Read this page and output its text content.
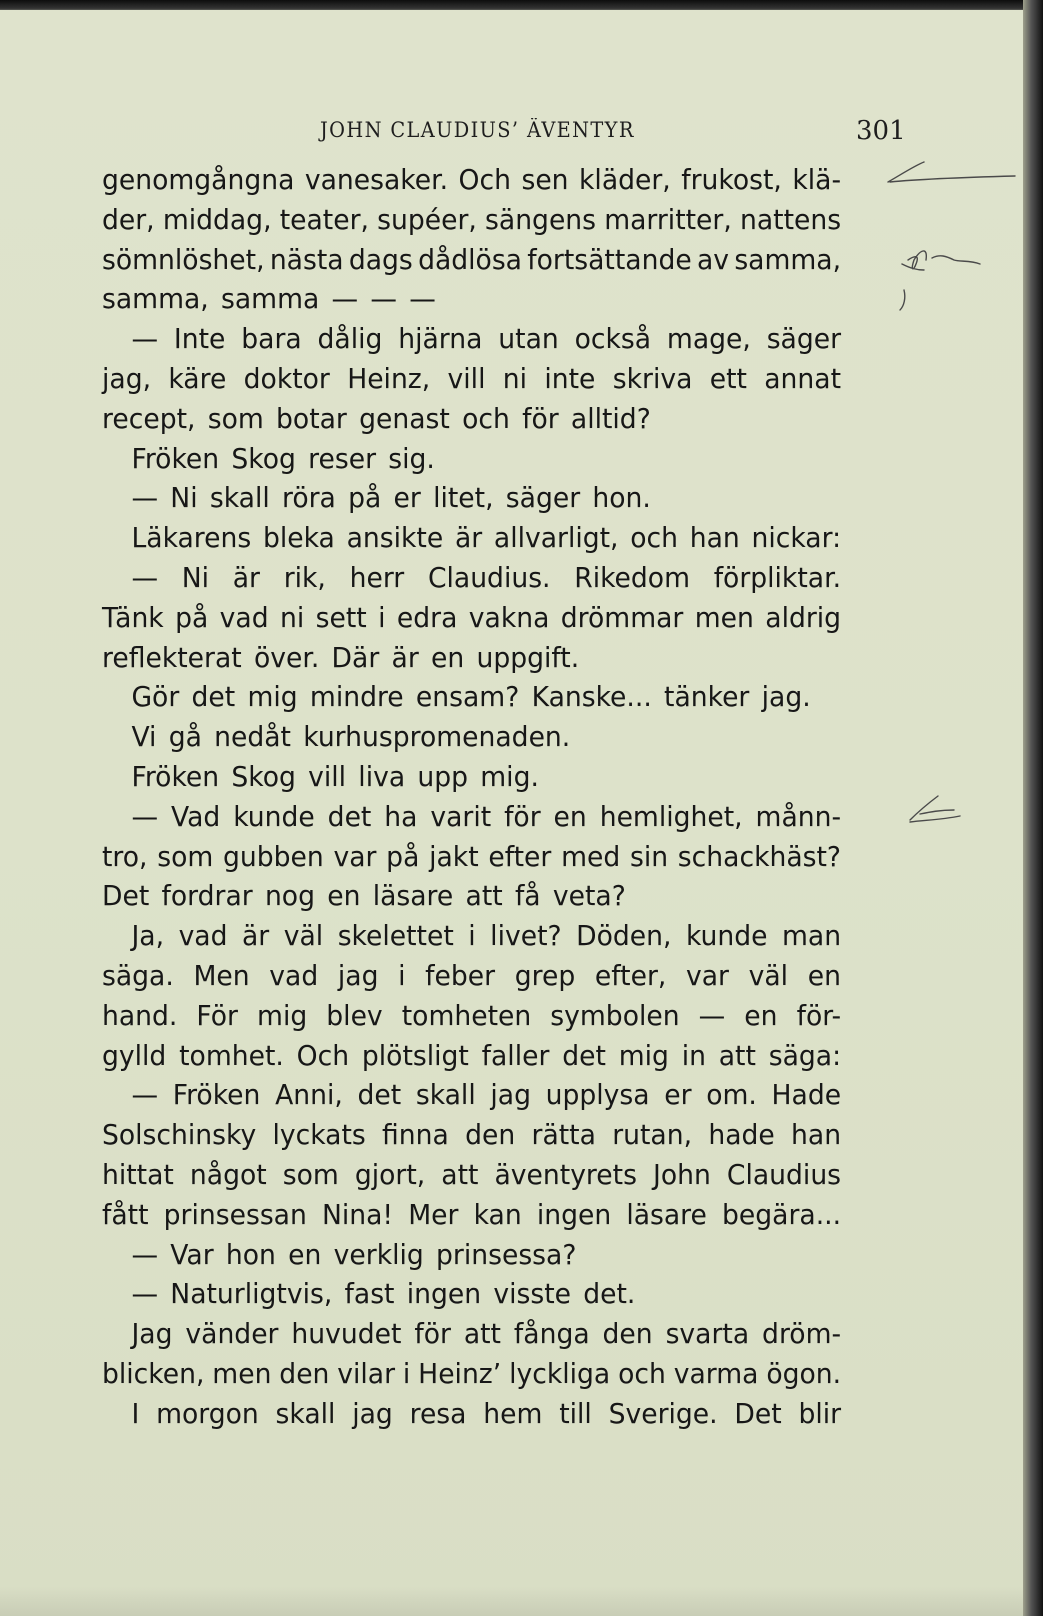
JOHN CLAUDIUS’ ÄVENTYR	301
genomgångna vanesaker. Och sen kläder, frukost, klä-
der, middag, teater, supéer, sängens marritter, nattens
sömnlöshet, nästa dags dådlösa fortsättande av samma,
samma, samma — — —
— Inte bara dålig hjärna utan också mage, säger
jag, käre doktor Heinz, vill ni inte skriva ett annat
recept, som botar genast och för alltid?
Fröken Skog reser sig.
— Ni skall röra på er litet, säger hon.
Läkarens bleka ansikte är allvarligt, och han nickar:
— Ni är rik, herr Claudius. Rikedom förpliktar.
Tänk på vad ni sett i edra vakna drömmar men aldrig
reflekterat över. Där är en uppgift.
Gör det mig mindre ensam? Kanske... tänker jag.
Vi gå nedåt kurhuspromenaden.
Fröken Skog vill liva upp mig.
— Vad kunde det ha varit för en hemlighet, månn-
tro, som gubben var på jakt efter med sin schackhäst?
Det fordrar nog en läsare att få veta?
Ja, vad är väl skelettet i livet? Döden, kunde man
säga. Men vad jag i feber grep efter, var väl en
hand. För mig blev tomheten symbolen — en för-
gylld tomhet. Och plötsligt faller det mig in att säga:
— Fröken Anni, det skall jag upplysa er om. Hade
Solschinsky lyckats finna den rätta rutan, hade han
hittat något som gjort, att äventyrets John Claudius
fått prinsessan Nina! Mer kan ingen läsare begära...
— Var hon en verklig prinsessa?
— Naturligtvis, fast ingen visste det.
Jag vänder huvudet för att fånga den svarta dröm-
blicken, men den vilar i Heinz’ lyckliga och varma ögon.
I morgon skall jag resa hem till Sverige. Det blir
